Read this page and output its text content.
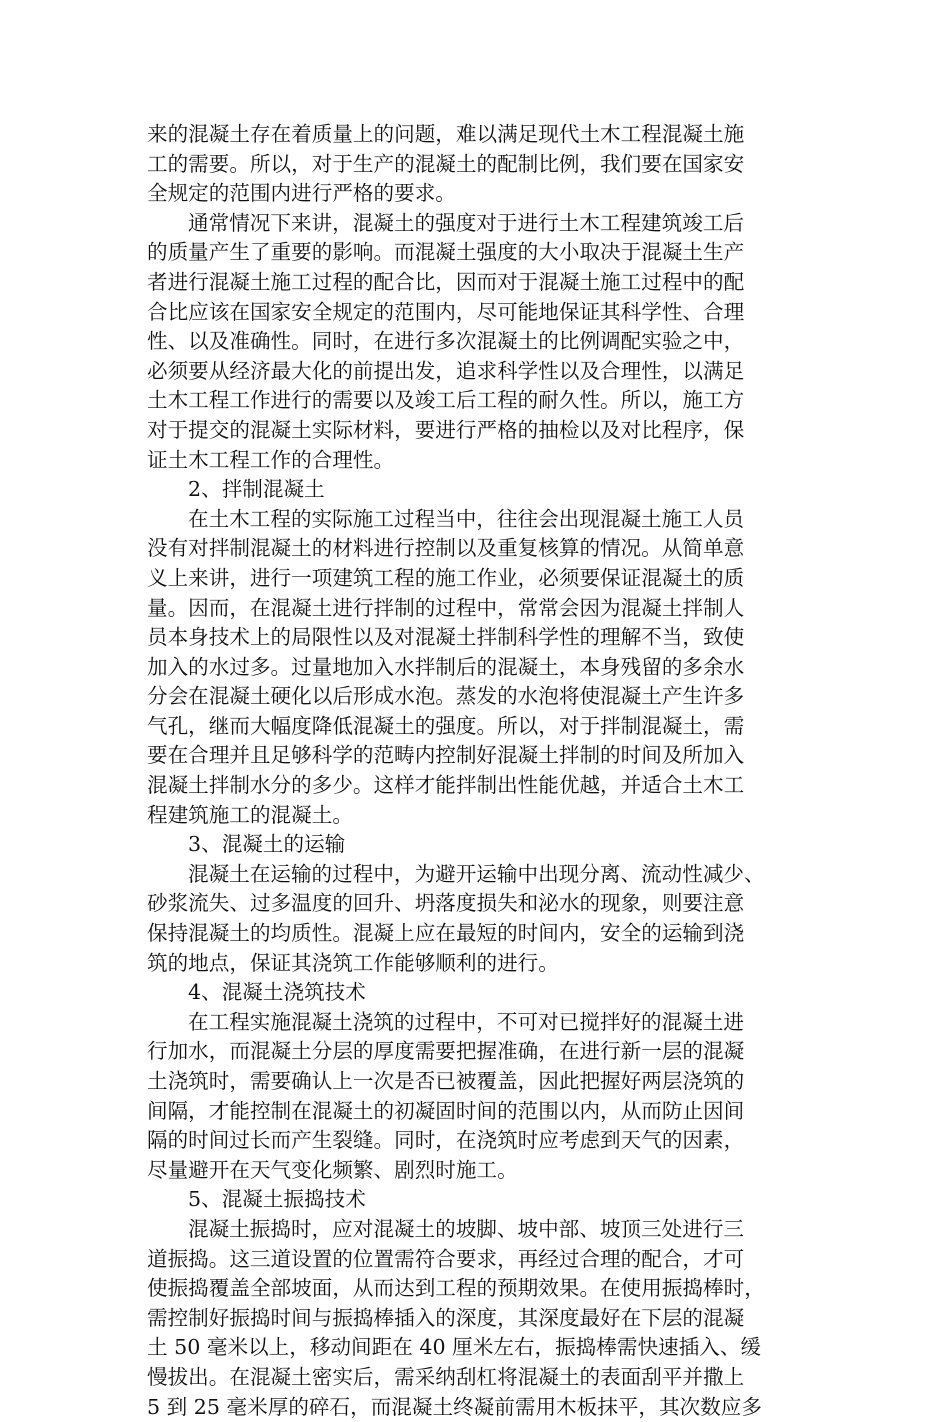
来的混凝土存在着质量上的问题，难以满足现代土木工程混凝土施
工的需要。所以，对于生产的混凝土的配制比例，我们要在国家安
全规定的范围内进行严格的要求。
通常情况下来讲，混凝土的强度对于进行土木工程建筑竣工后
的质量产生了重要的影响。而混凝土强度的大小取决于混凝土生产
者进行混凝土施工过程的配合比，因而对于混凝土施工过程中的配
合比应该在国家安全规定的范围内，尽可能地保证其科学性、合理
性、以及准确性。同时，在进行多次混凝土的比例调配实验之中，
必须要从经济最大化的前提出发，追求科学性以及合理性，以满足
土木工程工作进行的需要以及竣工后工程的耐久性。所以，施工方
对于提交的混凝土实际材料，要进行严格的抽检以及对比程序，保
证土木工程工作的合理性。
2、拌制混凝土
在土木工程的实际施工过程当中，往往会出现混凝土施工人员
没有对拌制混凝土的材料进行控制以及重复核算的情况。从简单意
义上来讲，进行一项建筑工程的施工作业，必须要保证混凝土的质
量。因而，在混凝土进行拌制的过程中，常常会因为混凝土拌制人
员本身技术上的局限性以及对混凝土拌制科学性的理解不当，致使
加入的水过多。过量地加入水拌制后的混凝土，本身残留的多余水
分会在混凝土硬化以后形成水泡。蒸发的水泡将使混凝土产生许多
气孔，继而大幅度降低混凝土的强度。所以，对于拌制混凝土，需
要在合理并且足够科学的范畴内控制好混凝土拌制的时间及所加入
混凝土拌制水分的多少。这样才能拌制出性能优越，并适合土木工
程建筑施工的混凝土。
3、混凝土的运输
混凝土在运输的过程中，为避开运输中出现分离、流动性减少、
砂浆流失、过多温度的回升、坍落度损失和泌水的现象，则要注意
保持混凝土的均质性。混凝上应在最短的时间内，安全的运输到浇
筑的地点，保证其浇筑工作能够顺利的进行。
4、混凝土浇筑技术
在工程实施混凝土浇筑的过程中，不可对已搅拌好的混凝土进
行加水，而混凝土分层的厚度需要把握准确，在进行新一层的混凝
土浇筑时，需要确认上一次是否已被覆盖，因此把握好两层浇筑的
间隔，才能控制在混凝土的初凝固时间的范围以内，从而防止因间
隔的时间过长而产生裂缝。同时，在浇筑时应考虑到天气的因素，
尽量避开在天气变化频繁、剧烈时施工。
5、混凝土振捣技术
混凝土振捣时，应对混凝土的坡脚、坡中部、坡顶三处进行三
道振捣。这三道设置的位置需符合要求，再经过合理的配合，才可
使振捣覆盖全部坡面，从而达到工程的预期效果。在使用振捣棒时，
需控制好振捣时间与振捣棒插入的深度，其深度最好在下层的混凝
土 50 毫米以上，移动间距在 40 厘米左右，振捣棒需快速插入、缓
慢拔出。在混凝土密实后，需采纳刮杠将混凝土的表面刮平并撒上
5 到 25 毫米厚的碎石，而混凝土终凝前需用木板抹平，其次数应多
